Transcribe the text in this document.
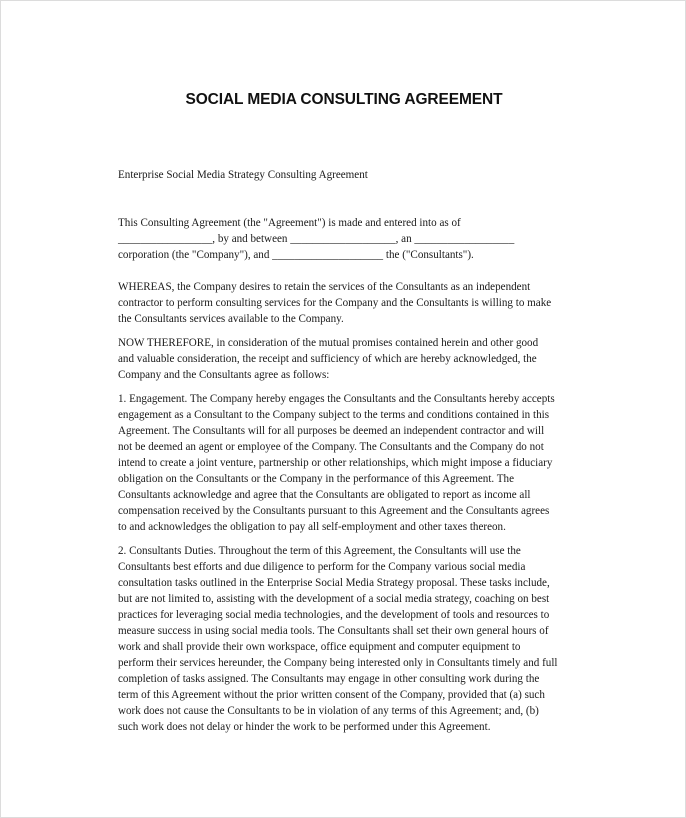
SOCIAL MEDIA CONSULTING AGREEMENT
Enterprise Social Media Strategy Consulting Agreement
This Consulting Agreement (the "Agreement") is made and entered into as of
_________________, by and between ___________________, an __________________
corporation (the "Company"), and ____________________ the ("Consultants").
WHEREAS, the Company desires to retain the services of the Consultants as an independent
contractor to perform consulting services for the Company and the Consultants is willing to make
the Consultants services available to the Company.
NOW THEREFORE, in consideration of the mutual promises contained herein and other good
and valuable consideration, the receipt and sufficiency of which are hereby acknowledged, the
Company and the Consultants agree as follows:
1. Engagement. The Company hereby engages the Consultants and the Consultants hereby accepts
engagement as a Consultant to the Company subject to the terms and conditions contained in this
Agreement. The Consultants will for all purposes be deemed an independent contractor and will
not be deemed an agent or employee of the Company. The Consultants and the Company do not
intend to create a joint venture, partnership or other relationships, which might impose a fiduciary
obligation on the Consultants or the Company in the performance of this Agreement. The
Consultants acknowledge and agree that the Consultants are obligated to report as income all
compensation received by the Consultants pursuant to this Agreement and the Consultants agrees
to and acknowledges the obligation to pay all self-employment and other taxes thereon.
2. Consultants Duties. Throughout the term of this Agreement, the Consultants will use the
Consultants best efforts and due diligence to perform for the Company various social media
consultation tasks outlined in the Enterprise Social Media Strategy proposal. These tasks include,
but are not limited to, assisting with the development of a social media strategy, coaching on best
practices for leveraging social media technologies, and the development of tools and resources to
measure success in using social media tools. The Consultants shall set their own general hours of
work and shall provide their own workspace, office equipment and computer equipment to
perform their services hereunder, the Company being interested only in Consultants timely and full
completion of tasks assigned. The Consultants may engage in other consulting work during the
term of this Agreement without the prior written consent of the Company, provided that (a) such
work does not cause the Consultants to be in violation of any terms of this Agreement; and, (b)
such work does not delay or hinder the work to be performed under this Agreement.
